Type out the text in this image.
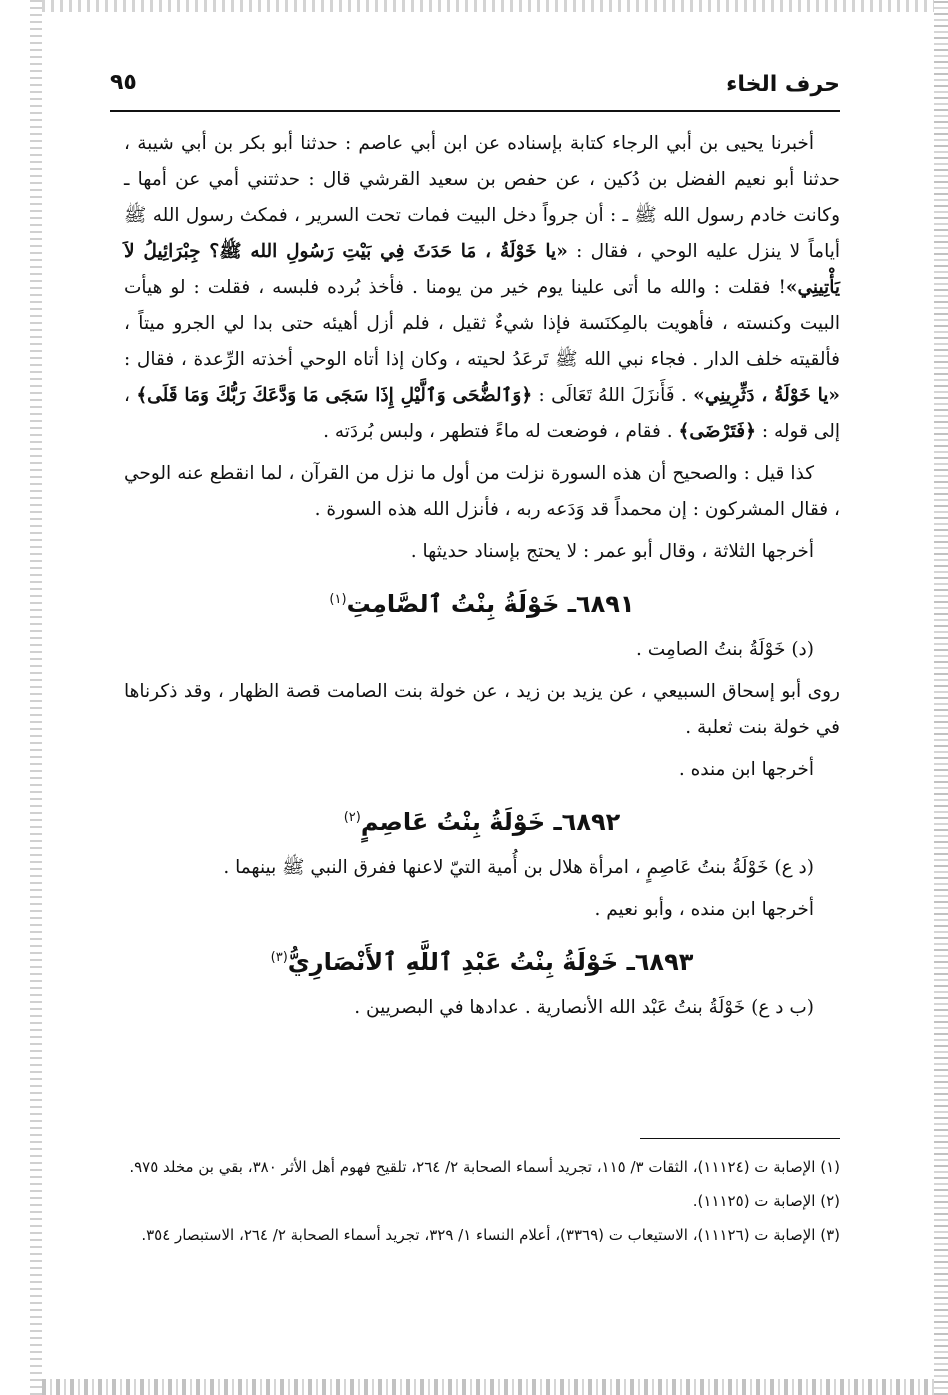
حرف الخاء
٩٥

أخبرنا يحيى بن أبي الرجاء كتابة بإسناده عن ابن أبي عاصم : حدثنا أبو بكر بن أبي شيبة ، حدثنا أبو نعيم الفضل بن دُكين ، عن حفص بن سعيد القرشي قال : حدثتني أمي عن أمها ـ وكانت خادم رسول الله ﷺ ـ : أن جرواً دخل البيت فمات تحت السرير ، فمكث رسول الله ﷺ أياماً لا ينزل عليه الوحي ، فقال : «يا خَوْلَةُ ، مَا حَدَثَ فِي بَيْتِ رَسُولِ الله ﷺ؟ جِبْرَائِيلُ لاَ يَأْتِينِي»! فقلت : والله ما أتى علينا يوم خير من يومنا . فأخذ بُرده فلبسه ، فقلت : لو هيأت البيت وكنسته ، فأهويت بالمِكنَسة فإذا شيءٌ ثقيل ، فلم أزل أهيئه حتى بدا لي الجرو ميتاً ، فألقيته خلف الدار . فجاء نبي الله ﷺ تَرعَدُ لحيته ، وكان إذا أتاه الوحي أخذته الرِّعدة ، فقال : «يا خَوْلَةُ ، دَثِّرِينِي» . فَأَنزَلَ اللهُ تَعَالَى : ﴿وَٱلضُّحَى وَٱلَّيْلِ إِذَا سَجَى مَا وَدَّعَكَ رَبُّكَ وَمَا قَلَى﴾ ، إلى قوله : ﴿فَتَرْضَى﴾ . فقام ، فوضعت له ماءً فتطهر ، ولبس بُردَته .

كذا قيل : والصحيح أن هذه السورة نزلت من أول ما نزل من القرآن ، لما انقطع عنه الوحي ، فقال المشركون : إن محمداً قد وَدَعه ربه ، فأنزل الله هذه السورة .

أخرجها الثلاثة ، وقال أبو عمر : لا يحتج بإسناد حديثها .

٦٨٩١ـ خَوْلَةُ بِنْتُ ٱلصَّامِتِ$^{(١)}$

(د) خَوْلَةُ بنتُ الصامِت .

روى أبو إسحاق السبيعي ، عن يزيد بن زيد ، عن خولة بنت الصامت قصة الظهار ، وقد ذكرناها في خولة بنت ثعلبة .

أخرجها ابن منده .

٦٨٩٢ـ خَوْلَةُ بِنْتُ عَاصِمٍ$^{(٢)}$

(د ع) خَوْلَةُ بنتُ عَاصِمٍ ، امرأة هلال بن أُمية التيّ لاعنها ففرق النبي ﷺ بينهما .

أخرجها ابن منده ، وأبو نعيم .

٦٨٩٣ـ خَوْلَةُ بِنْتُ عَبْدِ ٱللَّهِ ٱلأَنْصَارِيُّ$^{(٣)}$

(ب د ع) خَوْلَةُ بنتُ عَبْد الله الأنصارية . عدادها في البصريين .

(١) الإصابة ت (١١١٢٤)، الثقات ٣/ ١١٥، تجريد أسماء الصحابة ٢/ ٢٦٤، تلقيح فهوم أهل الأثر ٣٨٠، بقي بن مخلد ٩٧٥.

(٢) الإصابة ت (١١١٢٥).

(٣) الإصابة ت (١١١٢٦)، الاستيعاب ت (٣٣٦٩)، أعلام النساء ١/ ٣٢٩، تجريد أسماء الصحابة ٢/ ٢٦٤، الاستبصار ٣٥٤.
